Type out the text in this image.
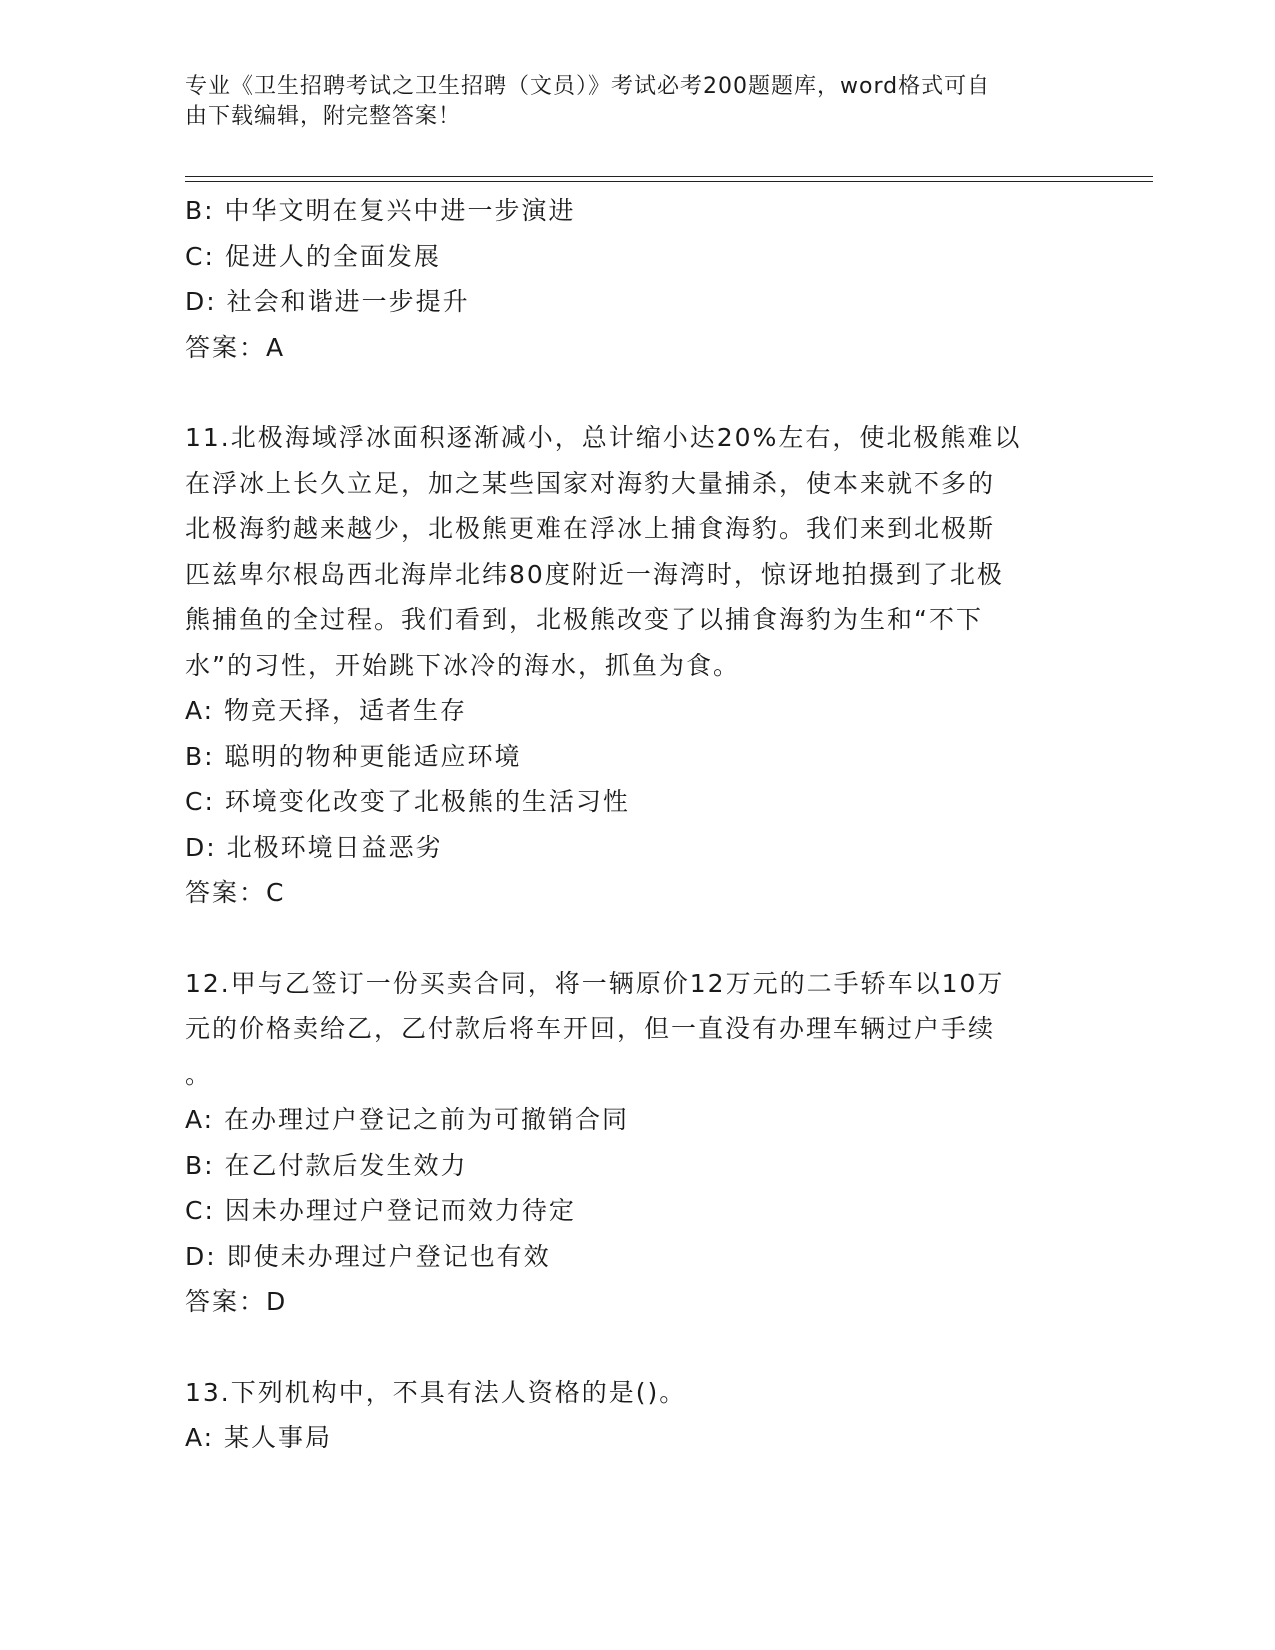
专业《卫生招聘考试之卫生招聘（文员）》考试必考200题题库，word格式可自
由下载编辑，附完整答案！
B: 中华文明在复兴中进一步演进
C: 促进人的全面发展
D: 社会和谐进一步提升
答案：A
11.北极海域浮冰面积逐渐减小，总计缩小达20%左右，使北极熊难以
在浮冰上长久立足，加之某些国家对海豹大量捕杀，使本来就不多的
北极海豹越来越少，北极熊更难在浮冰上捕食海豹。我们来到北极斯
匹兹卑尔根岛西北海岸北纬80度附近一海湾时，惊讶地拍摄到了北极
熊捕鱼的全过程。我们看到，北极熊改变了以捕食海豹为生和“不下
水”的习性，开始跳下冰冷的海水，抓鱼为食。
A: 物竞天择，适者生存
B: 聪明的物种更能适应环境
C: 环境变化改变了北极熊的生活习性
D: 北极环境日益恶劣
答案：C
12.甲与乙签订一份买卖合同，将一辆原价12万元的二手轿车以10万
元的价格卖给乙，乙付款后将车开回，但一直没有办理车辆过户手续
。
A: 在办理过户登记之前为可撤销合同
B: 在乙付款后发生效力
C: 因未办理过户登记而效力待定
D: 即使未办理过户登记也有效
答案：D
13.下列机构中，不具有法人资格的是()。
A: 某人事局
